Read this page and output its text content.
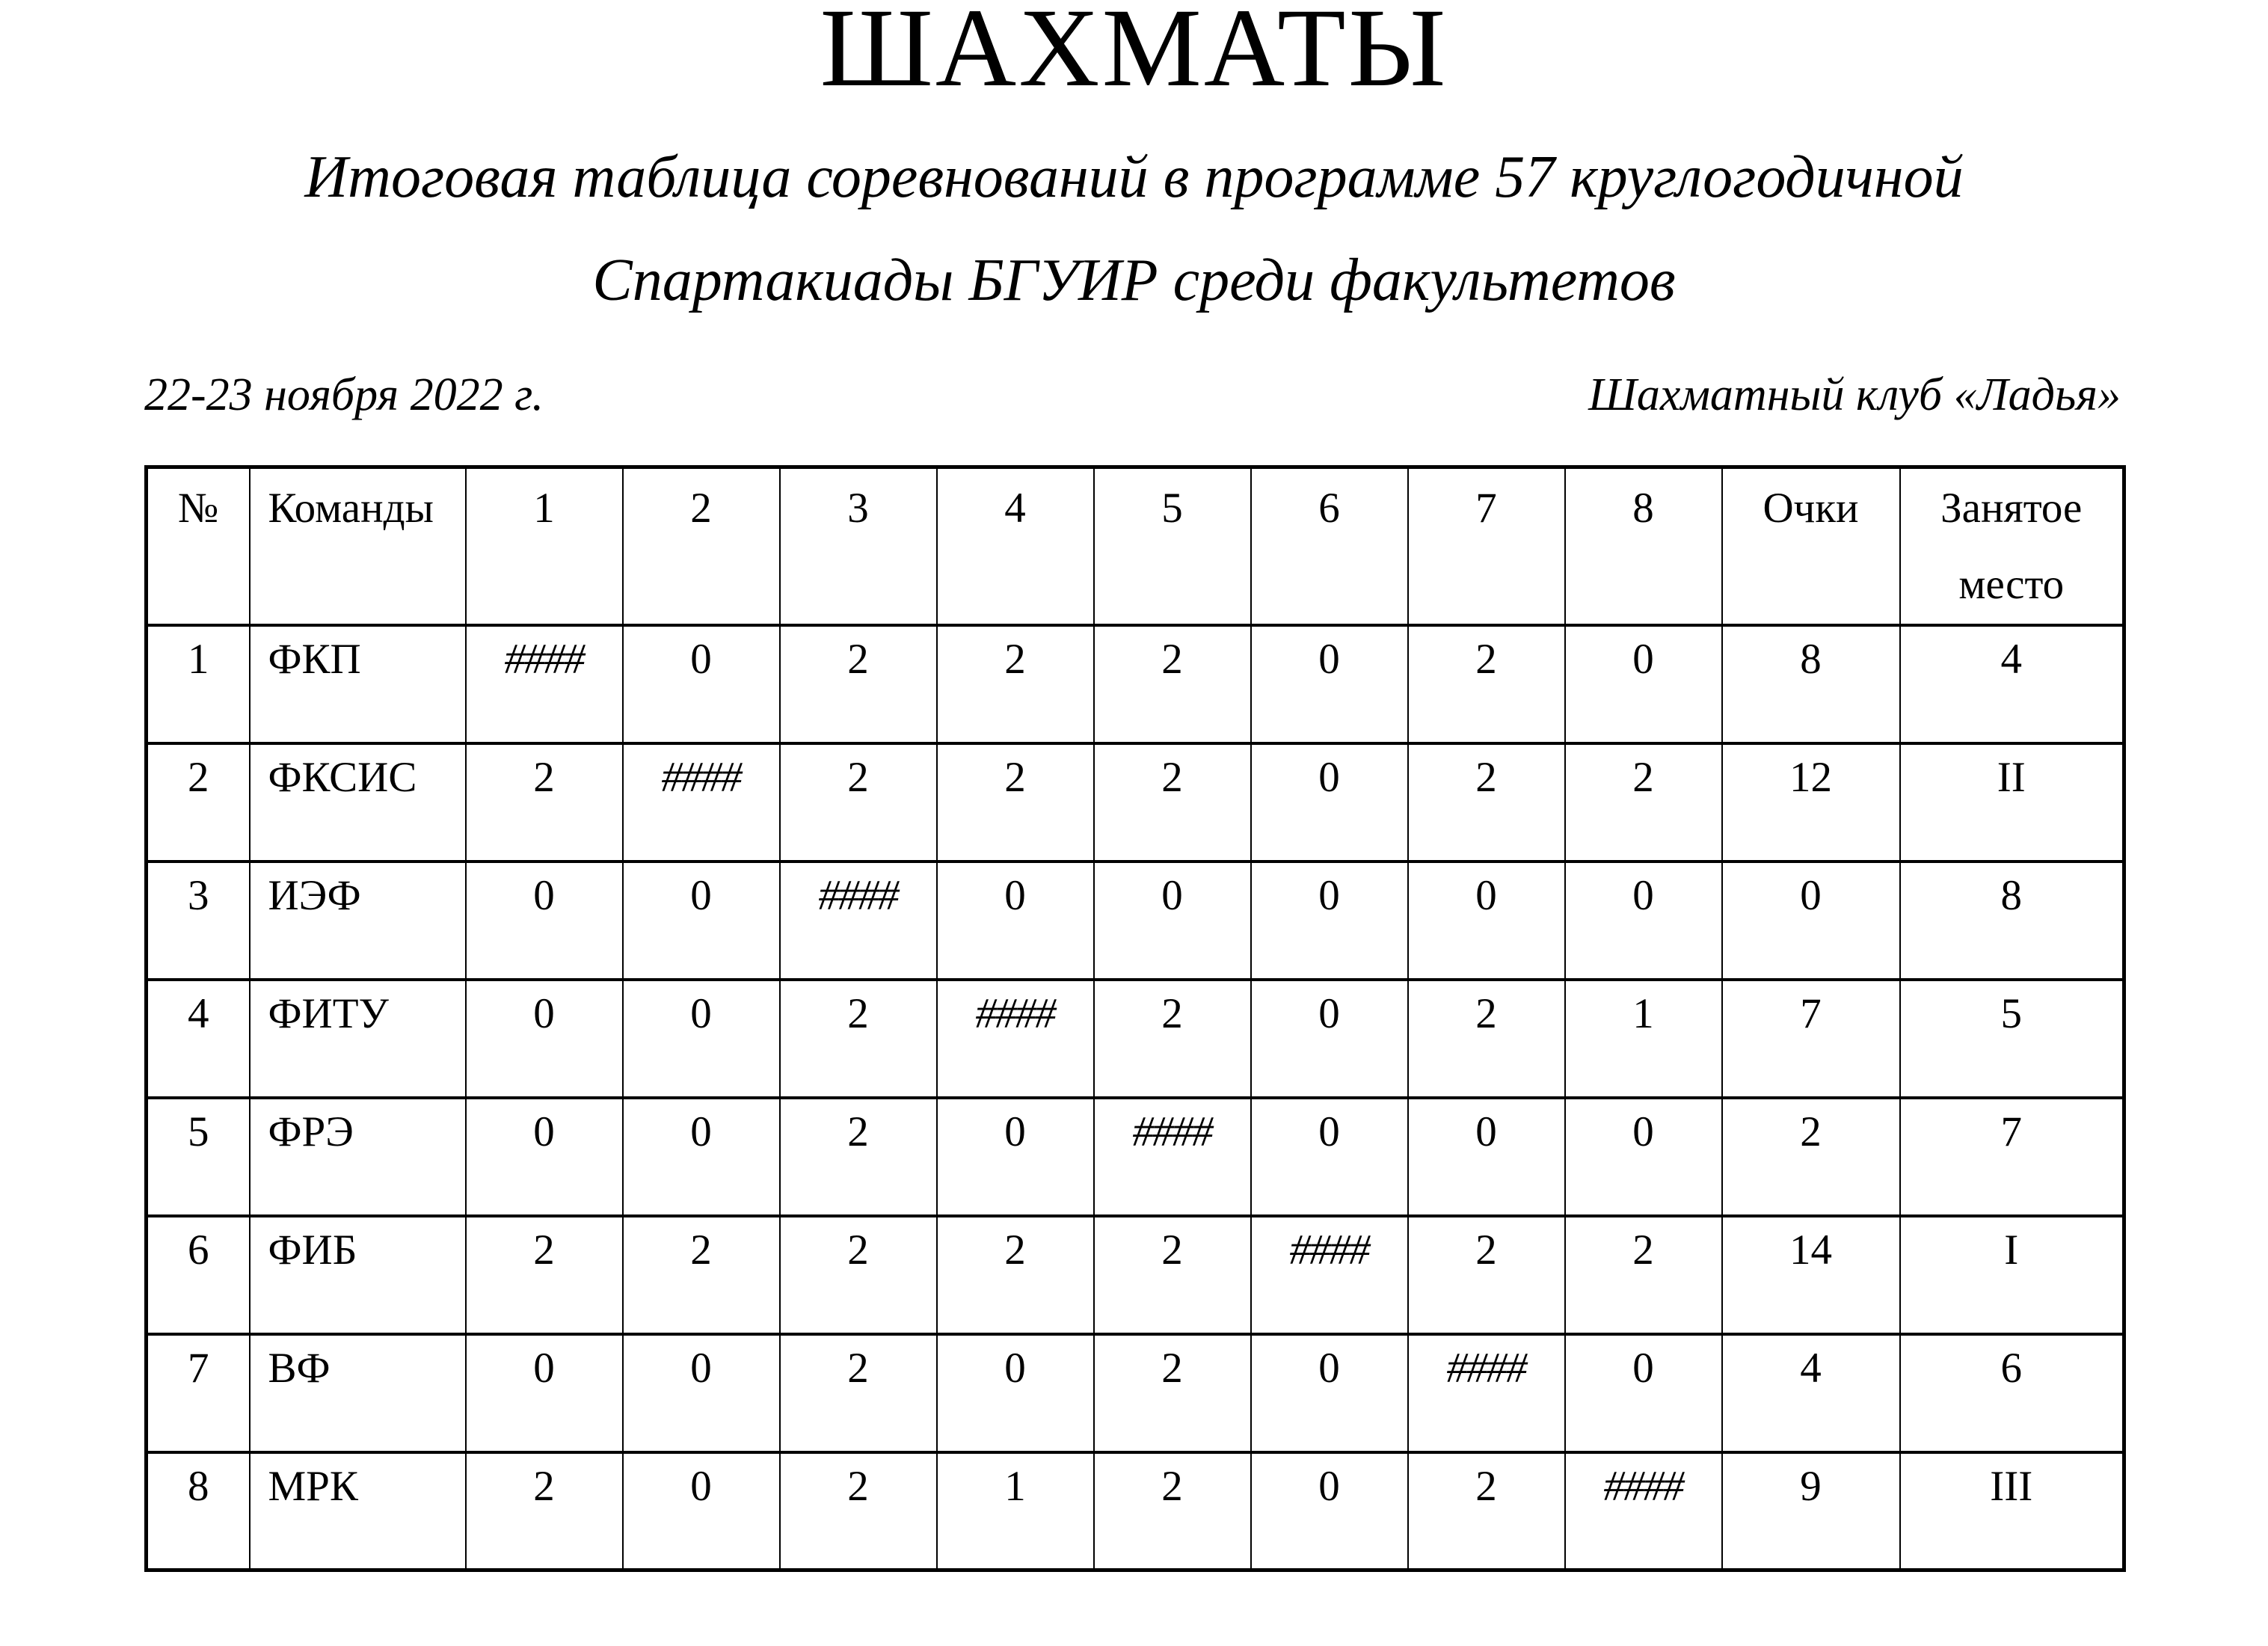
ШАХМАТЫ

Итоговая таблица соревнований в программе 57 круглогодичной

Спартакиады БГУИР среди факультетов

22-23 ноября 2022 г.	Шахматный клуб «Ладья»
№	Команды	1	2	3	4	5	6	7	8	Очки	Занятое место
1	ФКП	####	0	2	2	2	0	2	0	8	4
2	ФКСИС	2	####	2	2	2	0	2	2	12	II
3	ИЭФ	0	0	####	0	0	0	0	0	0	8
4	ФИТУ	0	0	2	####	2	0	2	1	7	5
5	ФРЭ	0	0	2	0	####	0	0	0	2	7
6	ФИБ	2	2	2	2	2	####	2	2	14	I
7	ВФ	0	0	2	0	2	0	####	0	4	6
8	МРК	2	0	2	1	2	0	2	####	9	III
